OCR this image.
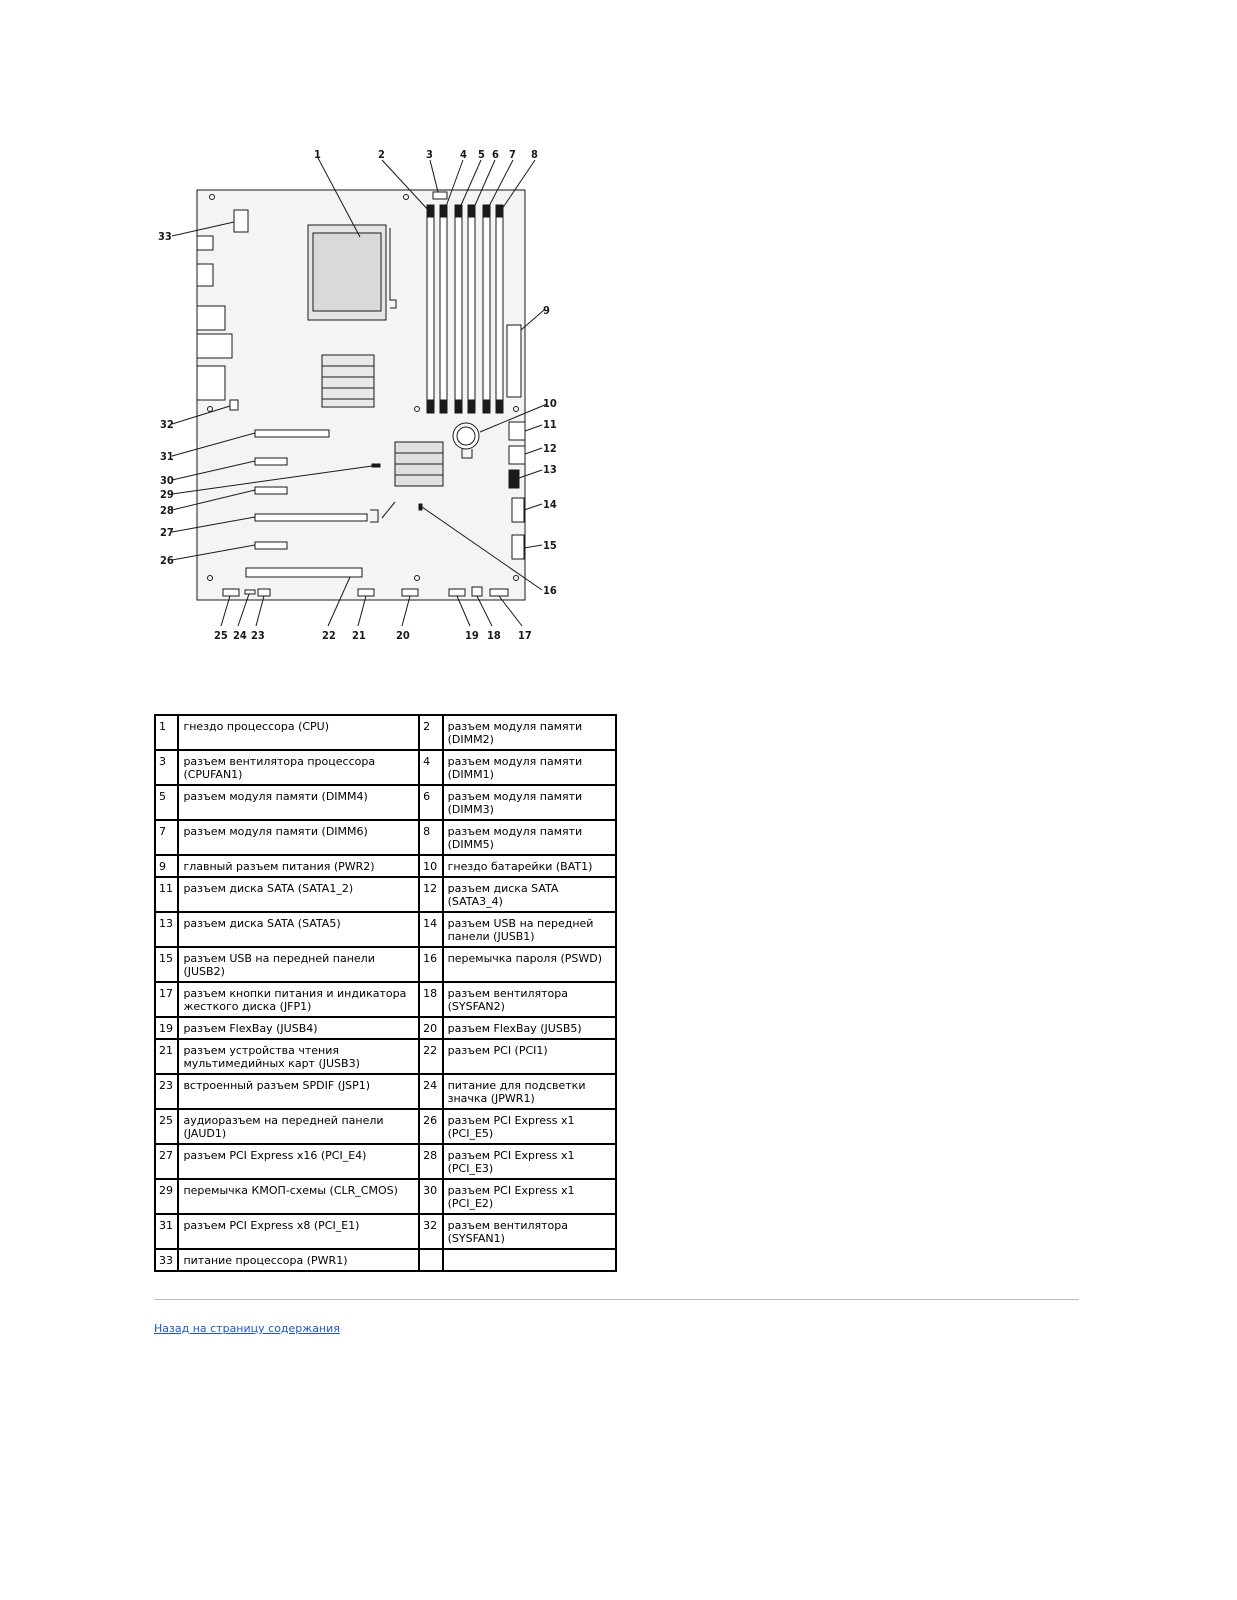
1	2	3 4 5 6 7 8
9
10
11
12
13
14
15
16
17
18
19
20
21
22
23
24
25
26
27
28
29
30
31
32
33
1	гнездо процессора (CPU)	2	разъем модуля памяти (DIMM2)
3	разъем вентилятора процессора (CPUFAN1)	4	разъем модуля памяти (DIMM1)
5	разъем модуля памяти (DIMM4)	6	разъем модуля памяти (DIMM3)
7	разъем модуля памяти (DIMM6)	8	разъем модуля памяти (DIMM5)
9	главный разъем питания (PWR2)	10	гнездо батарейки (BAT1)
11	разъем диска SATA (SATA1_2)	12	разъем диска SATA (SATA3_4)
13	разъем диска SATA (SATA5)	14	разъем USB на передней панели (JUSB1)
15	разъем USB на передней панели (JUSB2)	16	перемычка пароля (PSWD)
17	разъем кнопки питания и индикатора жесткого диска (JFP1)	18	разъем вентилятора (SYSFAN2)
19	разъем FlexBay (JUSB4)	20	разъем FlexBay (JUSB5)
21	разъем устройства чтения мультимедийных карт (JUSB3)	22	разъем PCI (PCI1)
23	встроенный разъем SPDIF (JSP1)	24	питание для подсветки значка (JPWR1)
25	аудиоразъем на передней панели (JAUD1)	26	разъем PCI Express x1 (PCI_E5)
27	разъем PCI Express x16 (PCI_E4)	28	разъем PCI Express x1 (PCI_E3)
29	перемычка КМОП-схемы (CLR_CMOS)	30	разъем PCI Express x1 (PCI_E2)
31	разъем PCI Express x8 (PCI_E1)	32	разъем вентилятора (SYSFAN1)
33	питание процессора (PWR1)		
Назад на страницу содержания
